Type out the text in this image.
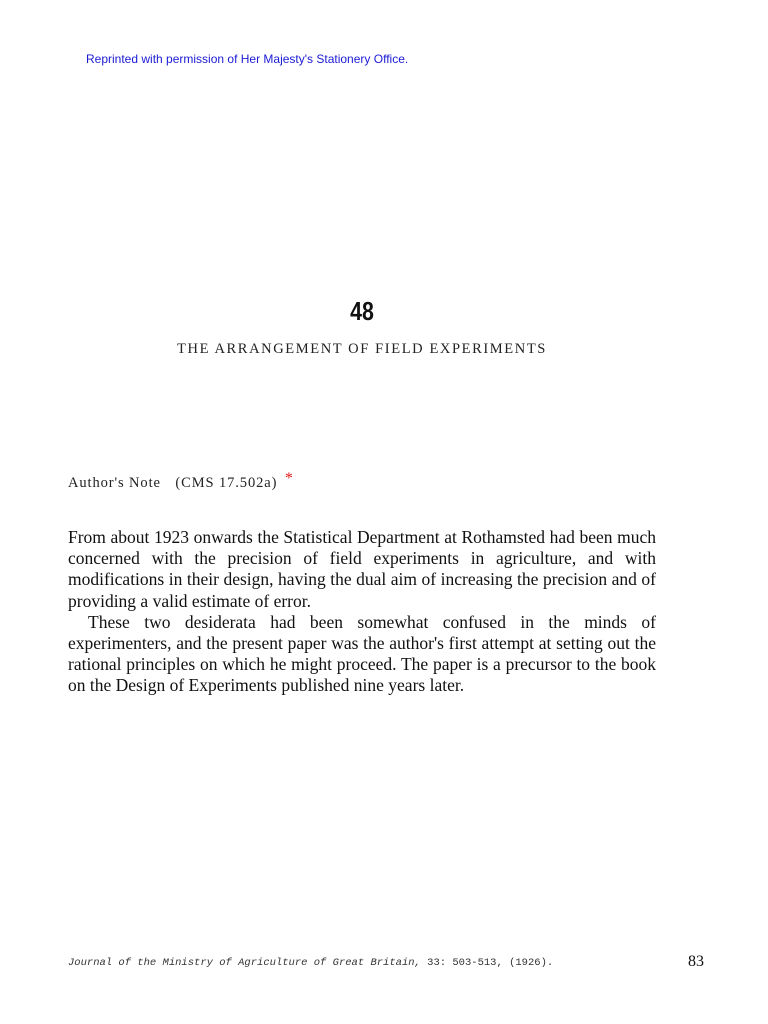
Reprinted with permission of Her Majesty's Stationery Office.
48
THE ARRANGEMENT OF FIELD EXPERIMENTS
Author's Note (CMS 17.502a) *

From about 1923 onwards the Statistical Department at Rothamsted had been much concerned with the precision of field experiments in agriculture, and with modifications in their design, having the dual aim of increasing the precision and of providing a valid estimate of error.

These two desiderata had been somewhat confused in the minds of experimenters, and the present paper was the author's first attempt at setting out the rational principles on which he might proceed. The paper is a precursor to the book on the Design of Experiments published nine years later.

Journal of the Ministry of Agriculture of Great Britain, 33: 503-513, (1926).	83
